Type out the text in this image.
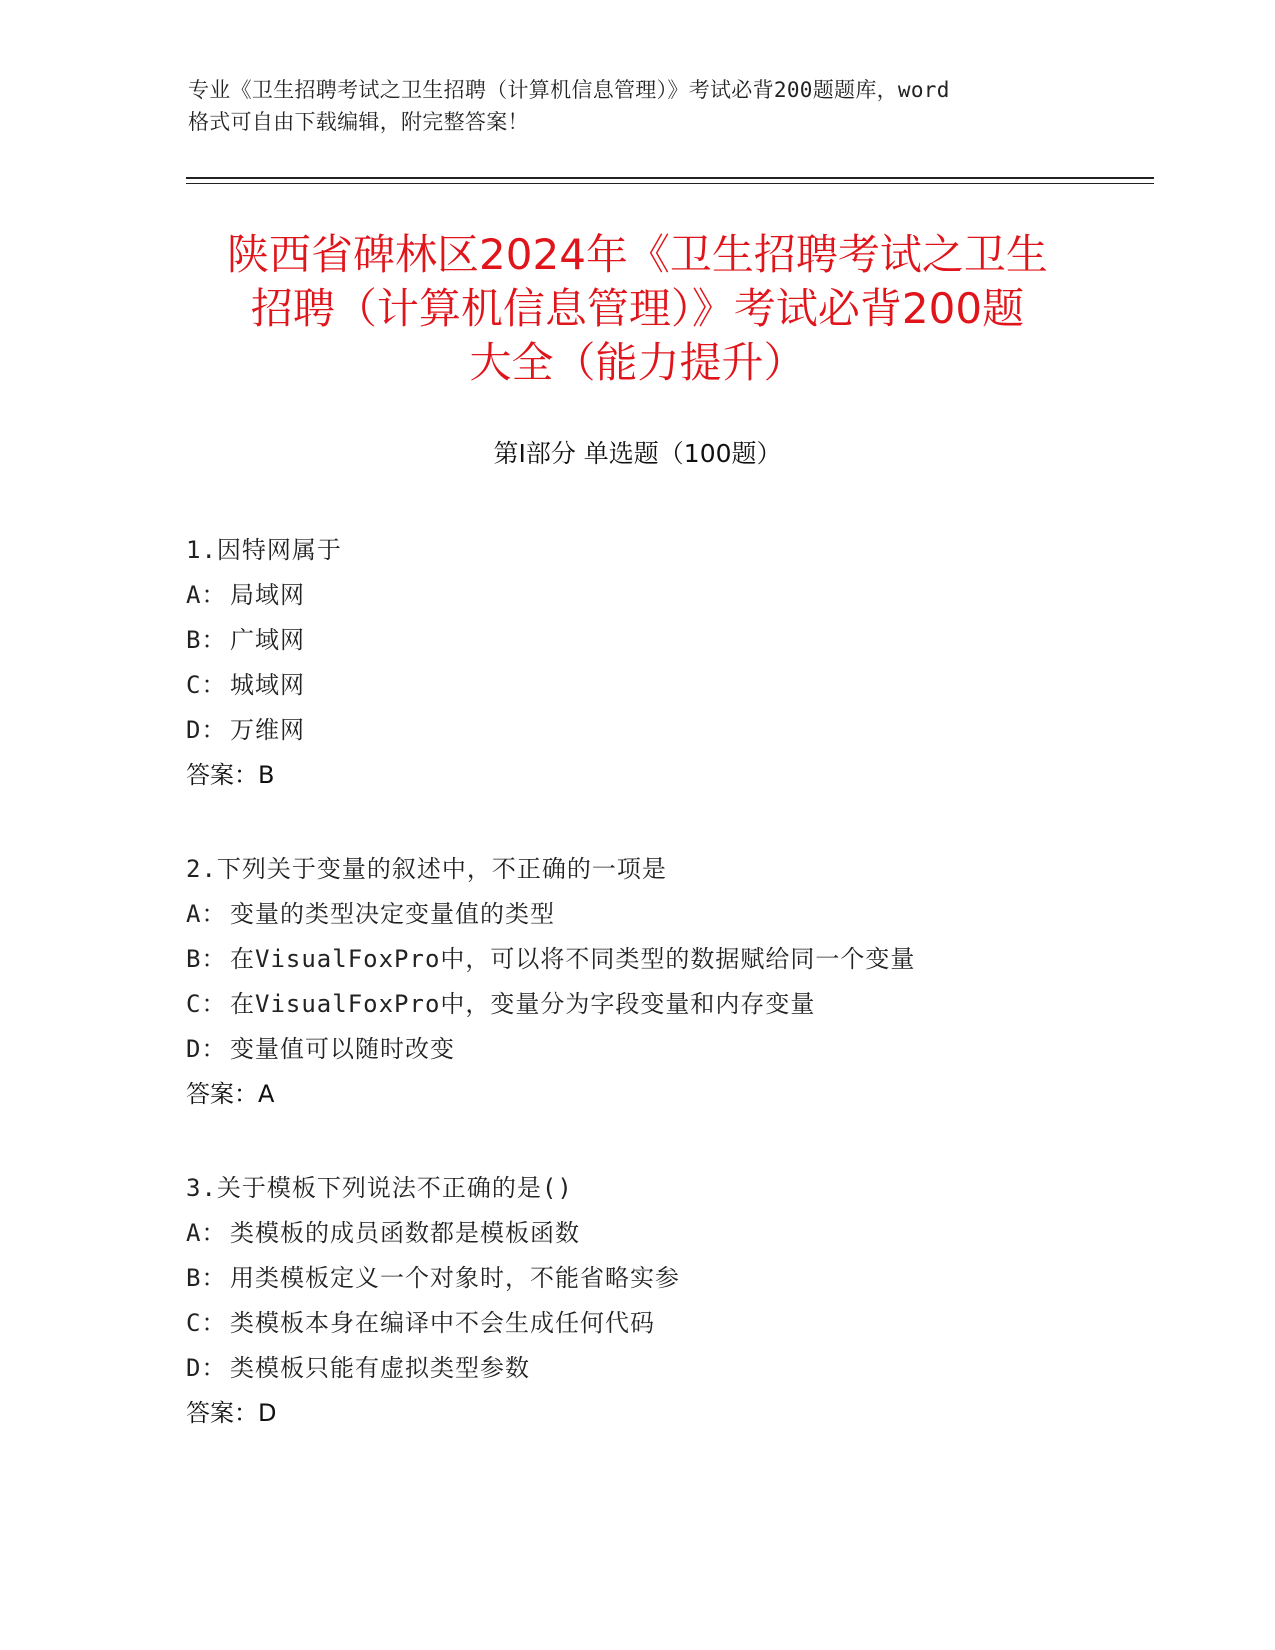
专业《卫生招聘考试之卫生招聘（计算机信息管理）》考试必背200题题库，word
格式可自由下载编辑，附完整答案！
陕西省碑林区2024年《卫生招聘考试之卫生
招聘（计算机信息管理）》考试必背200题
大全（能力提升）
第Ⅰ部分 单选题（100题）
1.因特网属于
A： 局域网
B： 广域网
C： 城域网
D： 万维网
答案：B
2.下列关于变量的叙述中，不正确的一项是
A： 变量的类型决定变量值的类型
B： 在VisualFoxPro中，可以将不同类型的数据赋给同一个变量
C： 在VisualFoxPro中，变量分为字段变量和内存变量
D： 变量值可以随时改变
答案：A
3.关于模板下列说法不正确的是()
A： 类模板的成员函数都是模板函数
B： 用类模板定义一个对象时，不能省略实参
C： 类模板本身在编译中不会生成任何代码
D： 类模板只能有虚拟类型参数
答案：D
